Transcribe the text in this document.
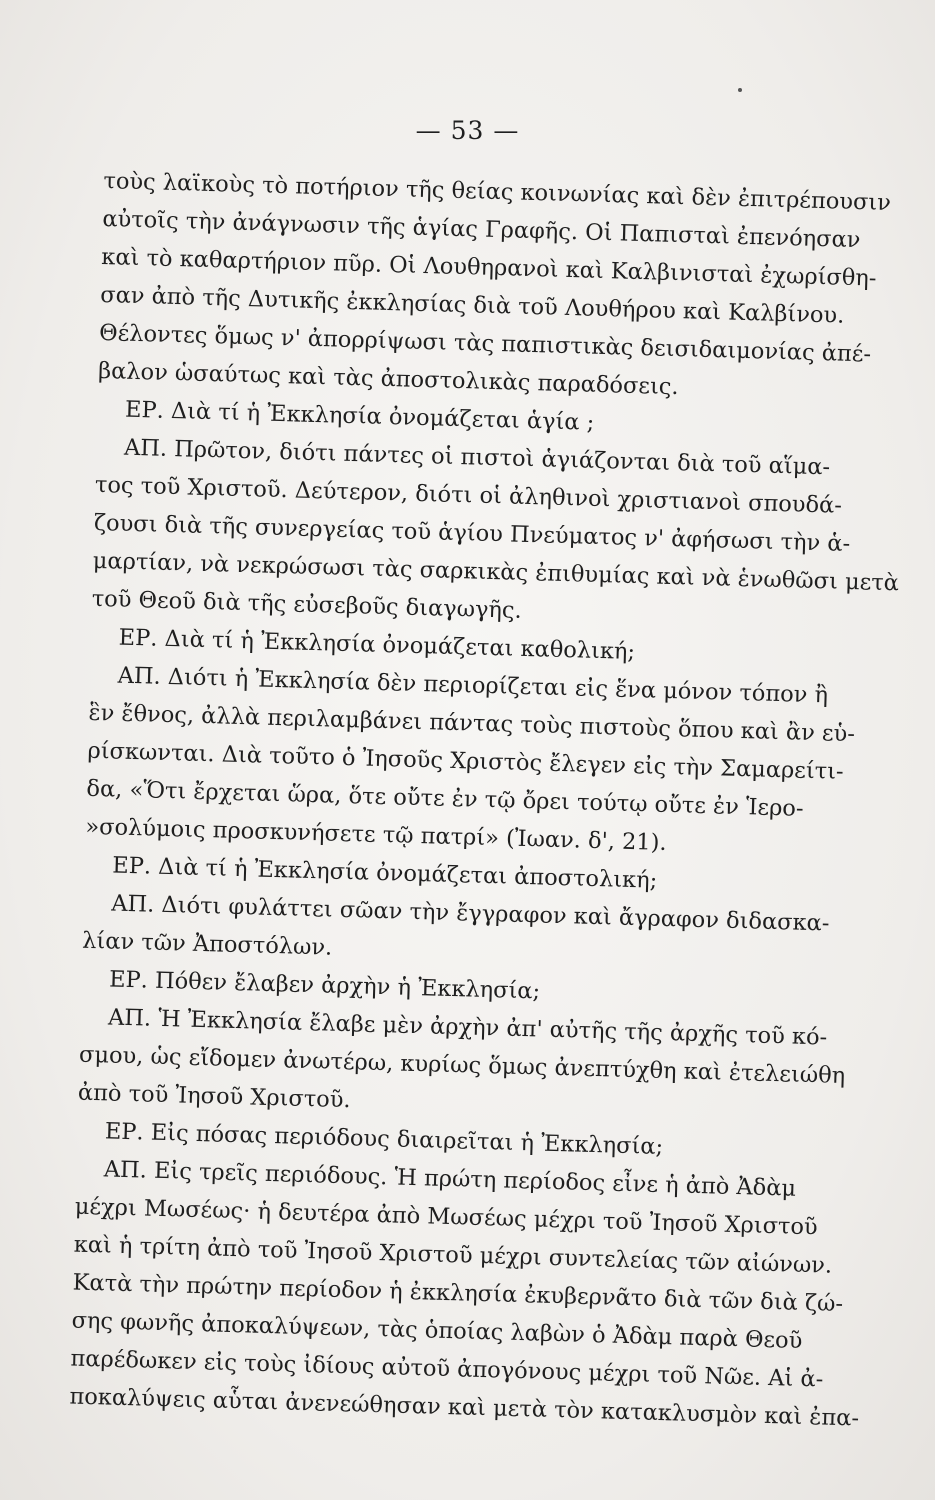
— 53 —
τοὺς λαϊκοὺς τὸ ποτήριον τῆς θείας κοινωνίας καὶ δὲν ἐπιτρέπουσιν
αὐτοῖς τὴν ἀνάγνωσιν τῆς ἁγίας Γραφῆς. Οἱ Παπισταὶ ἐπενόησαν
καὶ τὸ καθαρτήριον πῦρ. Οἱ Λουθηρανοὶ καὶ Καλβινισταὶ ἐχωρίσθη-
σαν ἀπὸ τῆς Δυτικῆς ἐκκλησίας διὰ τοῦ Λουθήρου καὶ Καλβίνου.
Θέλοντες ὅμως ν' ἀπορρίψωσι τὰς παπιστικὰς δεισιδαιμονίας ἀπέ-
βαλον ὡσαύτως καὶ τὰς ἀποστολικὰς παραδόσεις.
ΕΡ. Διὰ τί ἡ Ἐκκλησία ὀνομάζεται ἁγία ;
ΑΠ. Πρῶτον, διότι πάντες οἱ πιστοὶ ἁγιάζονται διὰ τοῦ αἵμα-
τος τοῦ Χριστοῦ. Δεύτερον, διότι οἱ ἀληθινοὶ χριστιανοὶ σπουδά-
ζουσι διὰ τῆς συνεργείας τοῦ ἁγίου Πνεύματος ν' ἀφήσωσι τὴν ἁ-
μαρτίαν, νὰ νεκρώσωσι τὰς σαρκικὰς ἐπιθυμίας καὶ νὰ ἑνωθῶσι μετὰ
τοῦ Θεοῦ διὰ τῆς εὐσεβοῦς διαγωγῆς.
ΕΡ. Διὰ τί ἡ Ἐκκλησία ὀνομάζεται καθολική;
ΑΠ. Διότι ἡ Ἐκκλησία δὲν περιορίζεται εἰς ἕνα μόνον τόπον ἢ
ἓν ἔθνος, ἀλλὰ περιλαμβάνει πάντας τοὺς πιστοὺς ὅπου καὶ ἂν εὑ-
ρίσκωνται. Διὰ τοῦτο ὁ Ἰησοῦς Χριστὸς ἔλεγεν εἰς τὴν Σαμαρείτι-
δα, «Ὅτι ἔρχεται ὥρα, ὅτε οὔτε ἐν τῷ ὄρει τούτῳ οὔτε ἐν Ἱερο-
»σολύμοις προσκυνήσετε τῷ πατρί» (Ἰωαν. δ', 21).
ΕΡ. Διὰ τί ἡ Ἐκκλησία ὀνομάζεται ἀποστολική;
ΑΠ. Διότι φυλάττει σῶαν τὴν ἔγγραφον καὶ ἄγραφον διδασκα-
λίαν τῶν Ἀποστόλων.
ΕΡ. Πόθεν ἔλαβεν ἀρχὴν ἡ Ἐκκλησία;
ΑΠ. Ἡ Ἐκκλησία ἔλαβε μὲν ἀρχὴν ἀπ' αὐτῆς τῆς ἀρχῆς τοῦ κό-
σμου, ὡς εἴδομεν ἀνωτέρω, κυρίως ὅμως ἀνεπτύχθη καὶ ἐτελειώθη
ἀπὸ τοῦ Ἰησοῦ Χριστοῦ.
ΕΡ. Εἰς πόσας περιόδους διαιρεῖται ἡ Ἐκκλησία;
ΑΠ. Εἰς τρεῖς περιόδους. Ἡ πρώτη περίοδος εἶνε ἡ ἀπὸ Ἀδὰμ
μέχρι Μωσέως· ἡ δευτέρα ἀπὸ Μωσέως μέχρι τοῦ Ἰησοῦ Χριστοῦ
καὶ ἡ τρίτη ἀπὸ τοῦ Ἰησοῦ Χριστοῦ μέχρι συντελείας τῶν αἰώνων.
Κατὰ τὴν πρώτην περίοδον ἡ ἐκκλησία ἐκυβερνᾶτο διὰ τῶν διὰ ζώ-
σης φωνῆς ἀποκαλύψεων, τὰς ὁποίας λαβὼν ὁ Ἀδὰμ παρὰ Θεοῦ
παρέδωκεν εἰς τοὺς ἰδίους αὐτοῦ ἀπογόνους μέχρι τοῦ Νῶε. Αἱ ἀ-
ποκαλύψεις αὗται ἀνενεώθησαν καὶ μετὰ τὸν κατακλυσμὸν καὶ ἐπα-
